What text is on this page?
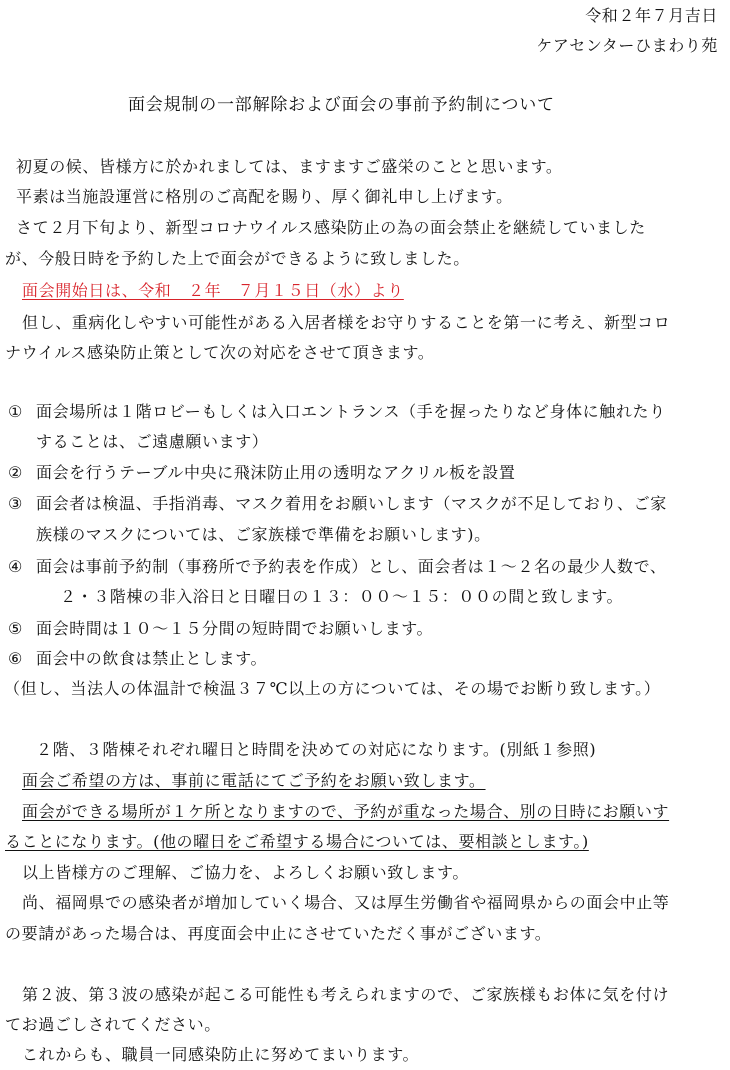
令和２年７月吉日
ケアセンターひまわり苑
面会規制の一部解除および面会の事前予約制について
初夏の候、皆様方に於かれましては、ますますご盛栄のことと思います。
平素は当施設運営に格別のご高配を賜り、厚く御礼申し上げます。
さて２月下旬より、新型コロナウイルス感染防止の為の面会禁止を継続していました
が、今般日時を予約した上で面会ができるように致しました。
面会開始日は、令和　２年　７月１５日（水）より
但し、重病化しやすい可能性がある入居者様をお守りすることを第一に考え、新型コロ
ナウイルス感染防止策として次の対応をさせて頂きます。
① 面会場所は１階ロビーもしくは入口エントランス（手を握ったりなど身体に触れたり
することは、ご遠慮願います）
② 面会を行うテーブル中央に飛沫防止用の透明なアクリル板を設置
③ 面会者は検温、手指消毒、マスク着用をお願いします（マスクが不足しており、ご家
族様のマスクについては、ご家族様で準備をお願いします)。
④ 面会は事前予約制（事務所で予約表を作成）とし、面会者は１～２名の最少人数で、
２・３階棟の非入浴日と日曜日の１３：００～１５：００の間と致します。
⑤ 面会時間は１０～１５分間の短時間でお願いします。
⑥ 面会中の飲食は禁止とします。
（但し、当法人の体温計で検温３７℃以上の方については、その場でお断り致します。）
２階、３階棟それぞれ曜日と時間を決めての対応になります。(別紙１参照)
面会ご希望の方は、事前に電話にてご予約をお願い致します。
面会ができる場所が１ケ所となりますので、予約が重なった場合、別の日時にお願いす
ることになります。(他の曜日をご希望する場合については、要相談とします。)
以上皆様方のご理解、ご協力を、よろしくお願い致します。
尚、福岡県での感染者が増加していく場合、又は厚生労働省や福岡県からの面会中止等
の要請があった場合は、再度面会中止にさせていただく事がございます。
第２波、第３波の感染が起こる可能性も考えられますので、ご家族様もお体に気を付け
てお過ごしされてください。
これからも、職員一同感染防止に努めてまいります。
